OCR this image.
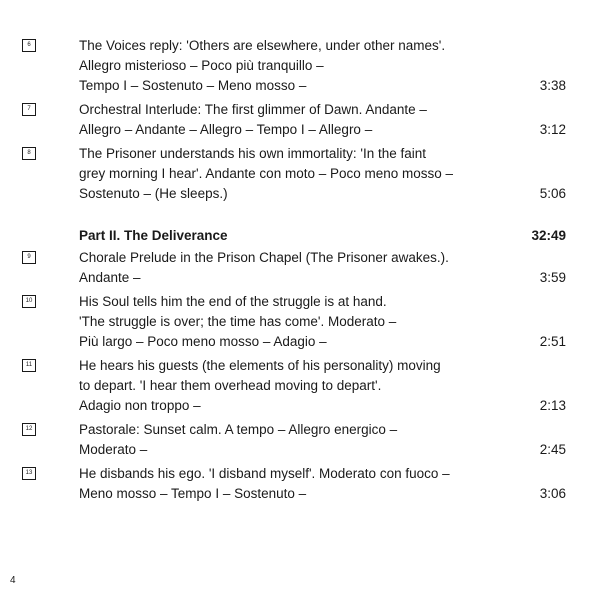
6	The Voices reply: 'Others are elsewhere, under other names'.
Allegro misterioso – Poco più tranquillo –
Tempo I – Sostenuto – Meno mosso –	3:38
7	Orchestral Interlude: The first glimmer of Dawn. Andante –
Allegro – Andante – Allegro – Tempo I – Allegro –	3:12
8	The Prisoner understands his own immortality: 'In the faint
grey morning I hear'. Andante con moto – Poco meno mosso –
Sostenuto – (He sleeps.)	5:06
Part II. The Deliverance	32:49
9	Chorale Prelude in the Prison Chapel (The Prisoner awakes.).
Andante –	3:59
10	His Soul tells him the end of the struggle is at hand.
'The struggle is over; the time has come'. Moderato –
Più largo – Poco meno mosso – Adagio –	2:51
11	He hears his guests (the elements of his personality) moving
to depart. 'I hear them overhead moving to depart'.
Adagio non troppo –	2:13
12	Pastorale: Sunset calm. A tempo – Allegro energico –
Moderato –	2:45
13	He disbands his ego. 'I disband myself'. Moderato con fuoco –
Meno mosso – Tempo I – Sostenuto –	3:06
4
